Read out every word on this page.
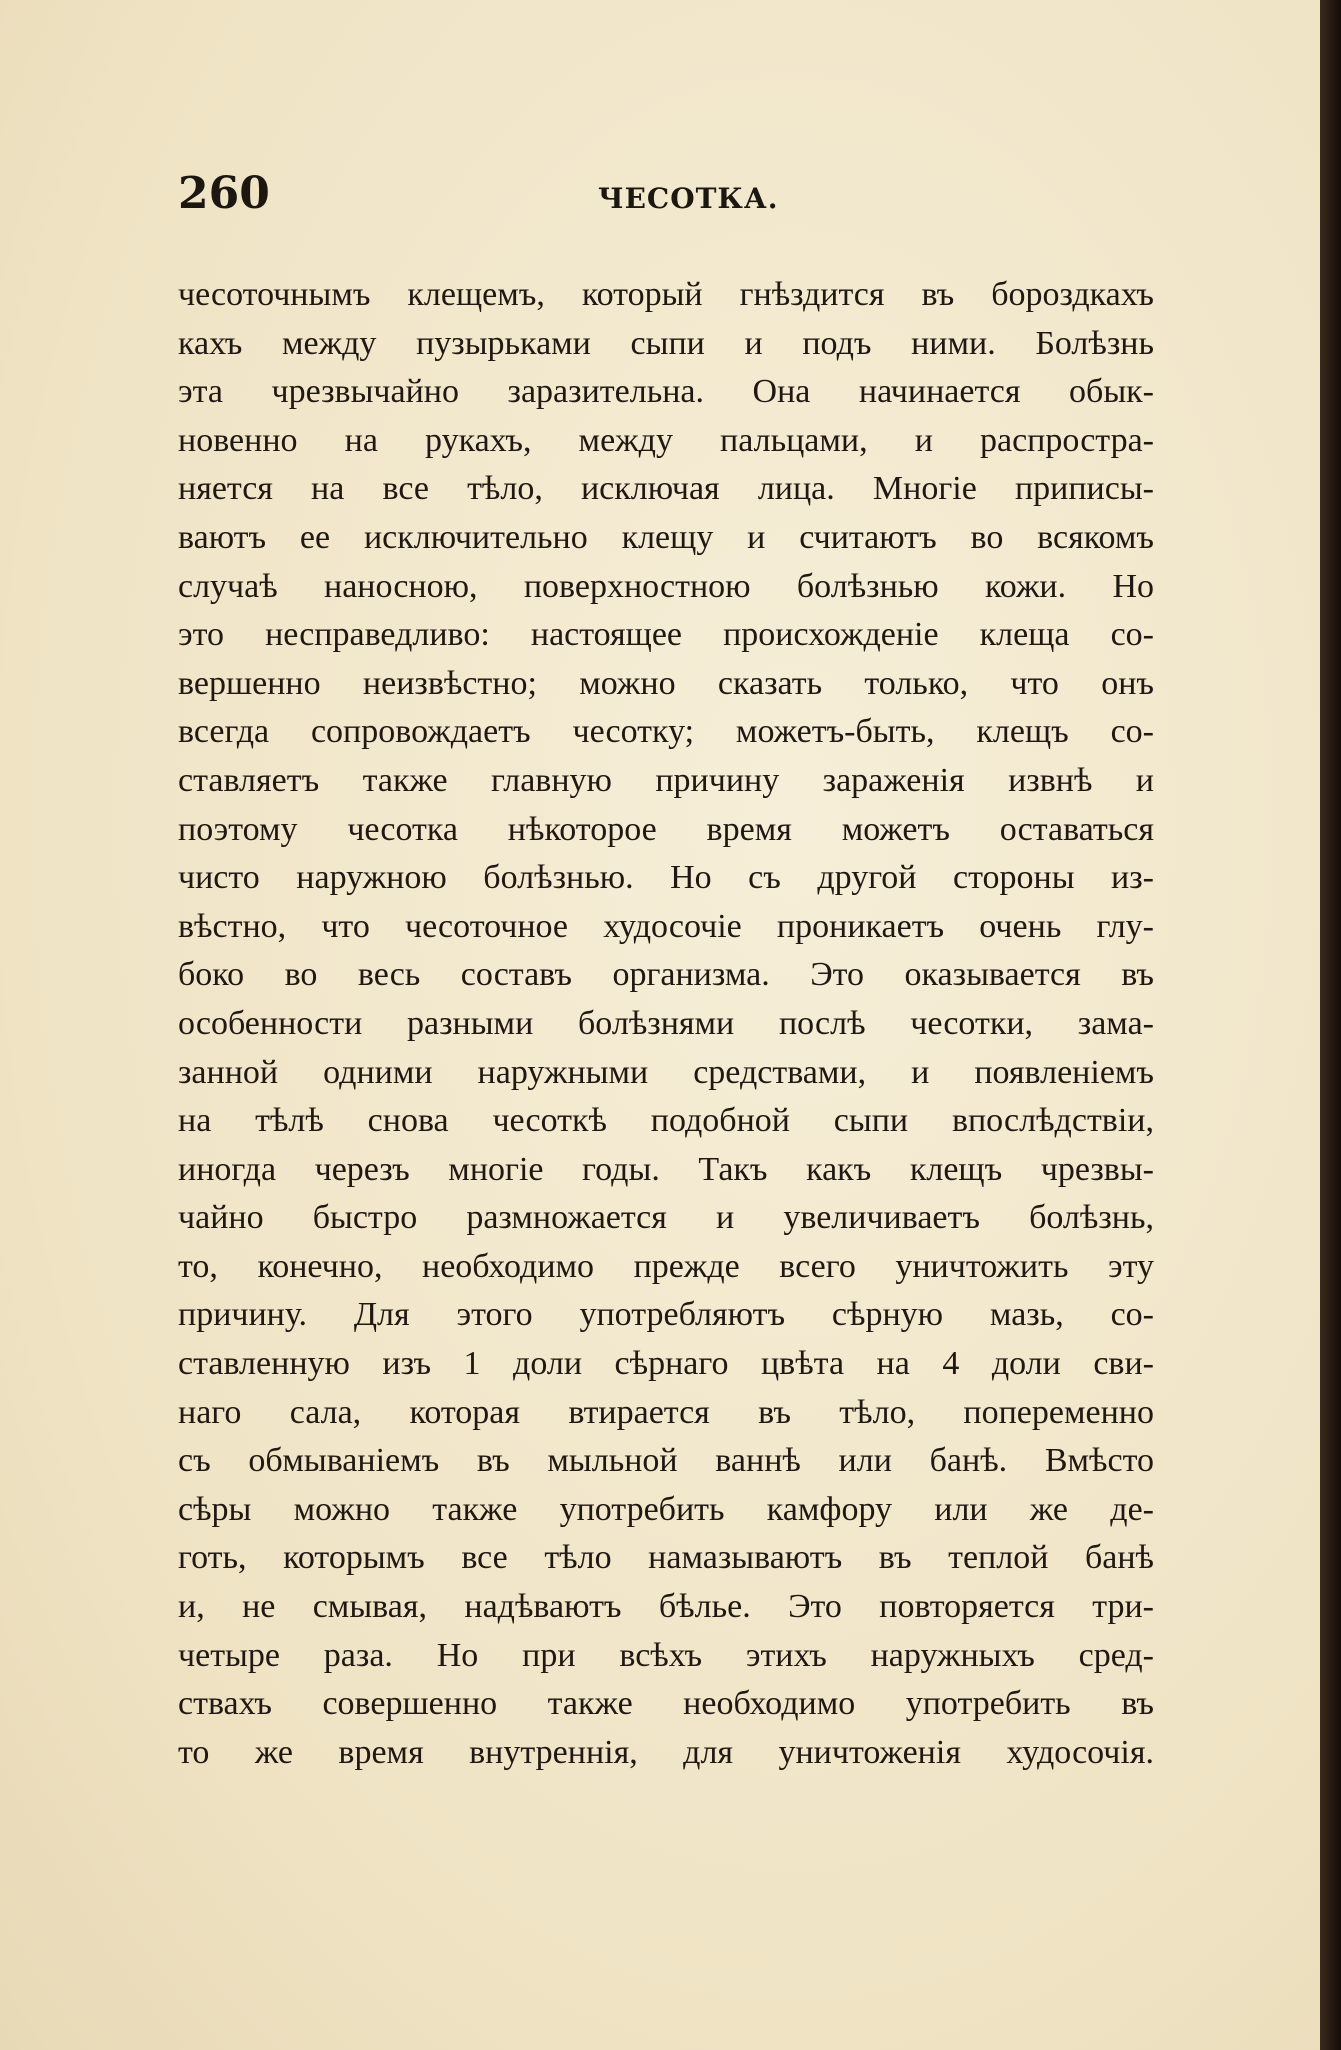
260	ЧЕСОТКА.
чесоточнымъ клещемъ, который гнѣздится въ бороздкахъ
кахъ между пузырьками сыпи и подъ ними. Болѣзнь
эта чрезвычайно заразительна. Она начинается обык-
новенно на рукахъ, между пальцами, и распростра-
няется на все тѣло, исключая лица. Многіе приписы-
ваютъ ее исключительно клещу и считаютъ во всякомъ
случаѣ наносною, поверхностною болѣзнью кожи. Но
это несправедливо: настоящее происхожденіе клеща со-
вершенно неизвѣстно; можно сказать только, что онъ
всегда сопровождаетъ чесотку; можетъ-быть, клещъ со-
ставляетъ также главную причину зараженія извнѣ и
поэтому чесотка нѣкоторое время можетъ оставаться
чисто наружною болѣзнью. Но съ другой стороны из-
вѣстно, что чесоточное худосочіе проникаетъ очень глу-
боко во весь составъ организма. Это оказывается въ
особенности разными болѣзнями послѣ чесотки, зама-
занной одними наружными средствами, и появленіемъ
на тѣлѣ снова чесоткѣ подобной сыпи впослѣдствіи,
иногда черезъ многіе годы. Такъ какъ клещъ чрезвы-
чайно быстро размножается и увеличиваетъ болѣзнь,
то, конечно, необходимо прежде всего уничтожить эту
причину. Для этого употребляютъ сѣрную мазь, со-
ставленную изъ 1 доли сѣрнаго цвѣта на 4 доли сви-
наго сала, которая втирается въ тѣло, попеременно
съ обмываніемъ въ мыльной ваннѣ или банѣ. Вмѣсто
сѣры можно также употребить камфору или же де-
готь, которымъ все тѣло намазываютъ въ теплой банѣ
и, не смывая, надѣваютъ бѣлье. Это повторяется три-
четыре раза. Но при всѣхъ этихъ наружныхъ сред-
ствахъ совершенно также необходимо употребить въ
то же время внутреннія, для уничтоженія худосочія.
